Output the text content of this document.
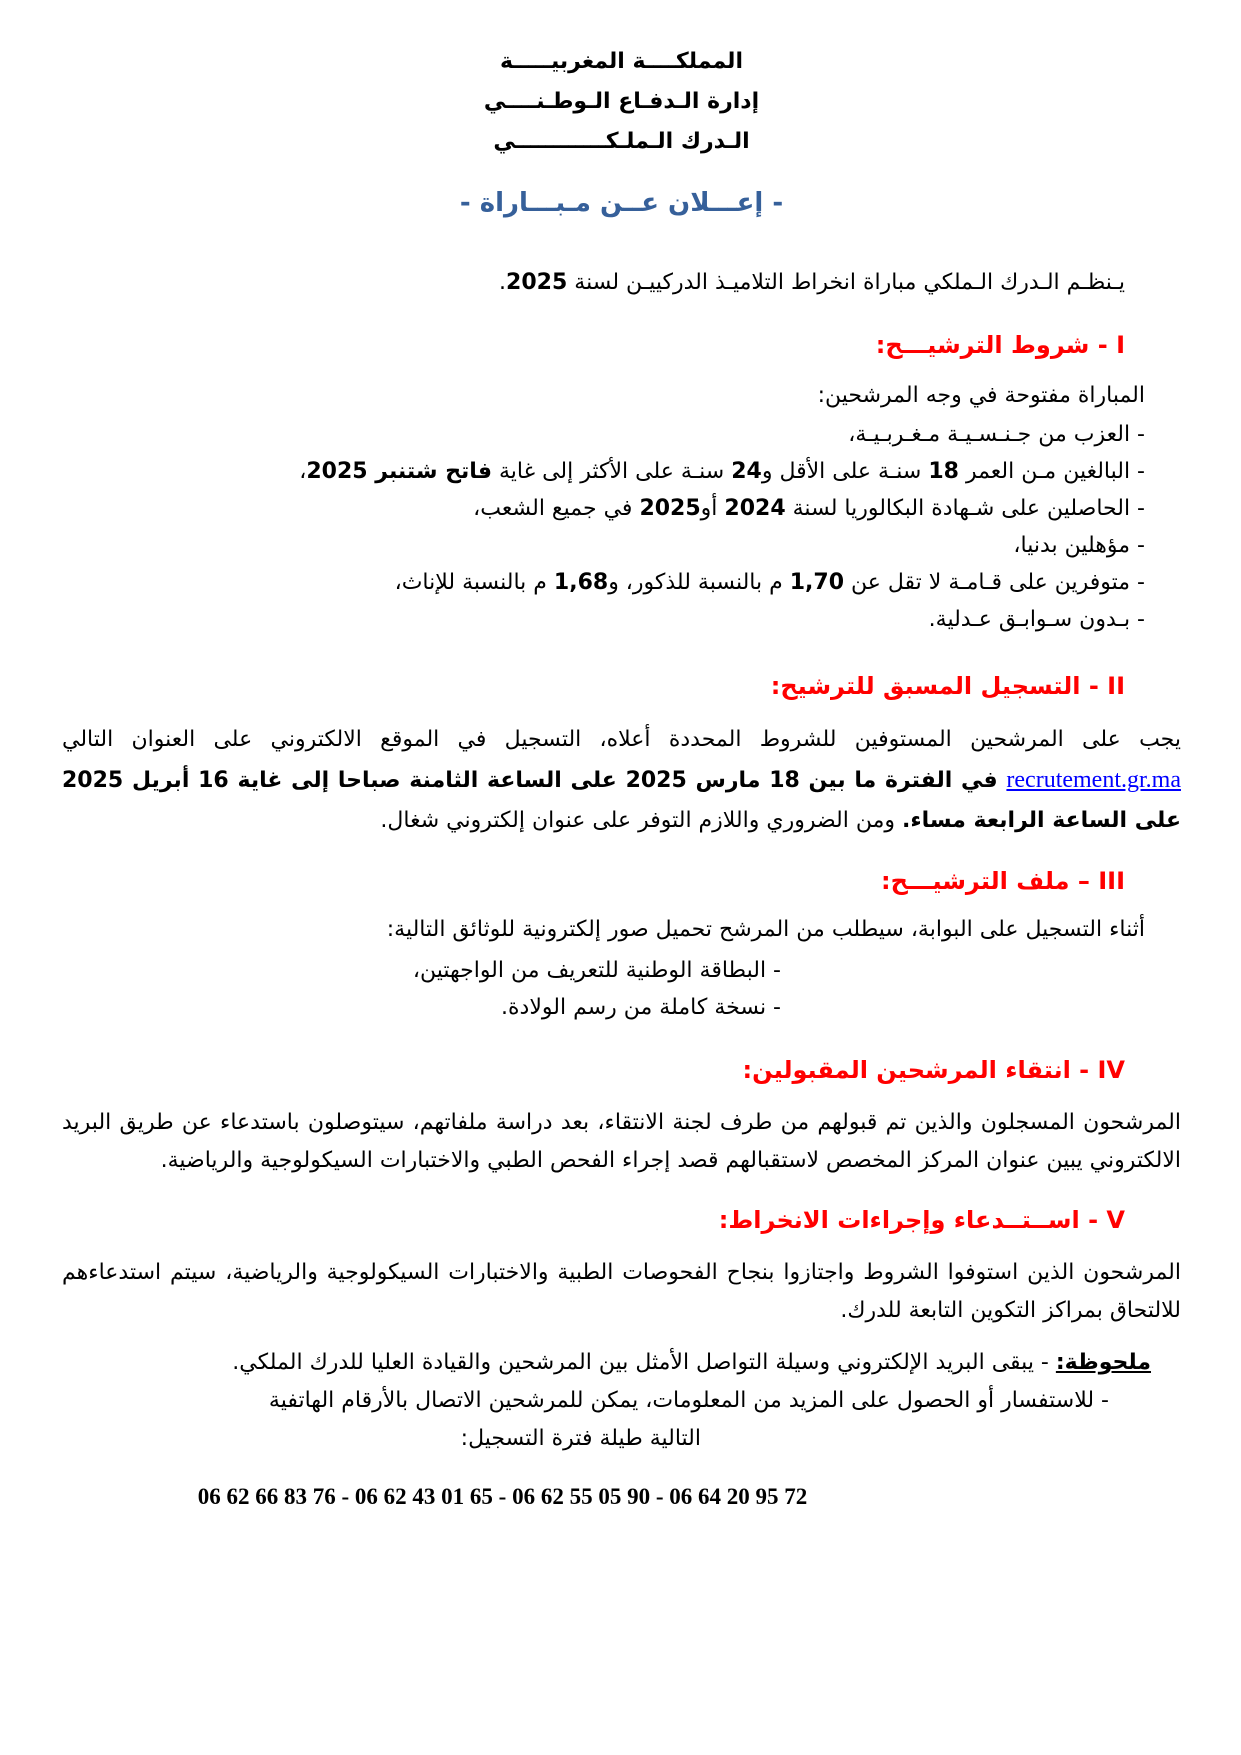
المملكــــة المغربيـــــة
إدارة الـدفـاع الـوطـنــــي
الـدرك الـملـكــــــــــــي
- إعـــلان عــن مـبـــاراة -

يـنظـم الـدرك الـملكي مباراة انخراط التلاميـذ الدركييـن لسنة 2025.

I - شروط الترشيـــح:

المباراة مفتوحة في وجه المرشحين:

- العزب من جـنـسـيـة مـغـربـيـة،
- البالغين مـن العمر 18 سنـة على الأقل و24 سنـة على الأكثر إلى غاية فاتح شتنبر 2025،
- الحاصلين على شـهادة البكالوريا لسنة 2024 أو2025 في جميع الشعب،
- مؤهلين بدنيا،
- متوفرين على قـامـة لا تقل عن 1,70 م بالنسبة للذكور، و1,68 م بالنسبة للإناث،
- بـدون سـوابـق عـدلية.
II - التسجيل المسبق للترشيح:

يجب على المرشحين المستوفين للشروط المحددة أعلاه، التسجيل في الموقع الالكتروني على العنوان التالي recrutement.gr.ma في الفترة ما بين 18 مارس 2025 على الساعة الثامنة صباحا إلى غاية 16 أبريل 2025 على الساعة الرابعة مساء. ومن الضروري واللازم التوفر على عنوان إلكتروني شغال.

III – ملف الترشيـــح:

أثناء التسجيل على البوابة، سيطلب من المرشح تحميل صور إلكترونية للوثائق التالية:

- البطاقة الوطنية للتعريف من الواجهتين،
- نسخة كاملة من رسم الولادة.
IV - انتقاء المرشحين المقبولين:

المرشحون المسجلون والذين تم قبولهم من طرف لجنة الانتقاء، بعد دراسة ملفاتهم، سيتوصلون باستدعاء عن طريق البريد الالكتروني يبين عنوان المركز المخصص لاستقبالهم قصد إجراء الفحص الطبي والاختبارات السيكولوجية والرياضية.

V - اســتــدعاء وإجراءات الانخراط:

المرشحون الذين استوفوا الشروط واجتازوا بنجاح الفحوصات الطبية والاختبارات السيكولوجية والرياضية، سيتم استدعاءهم للالتحاق بمراكز التكوين التابعة للدرك.

ملحوظة: - يبقى البريد الإلكتروني وسيلة التواصل الأمثل بين المرشحين والقيادة العليا للدرك الملكي.
- للاستفسار أو الحصول على المزيد من المعلومات، يمكن للمرشحين الاتصال بالأرقام الهاتفية
التالية طيلة فترة التسجيل:
06 62 66 83 76 - 06 62 43 01 65 - 06 62 55 05 90 - 06 64 20 95 72
